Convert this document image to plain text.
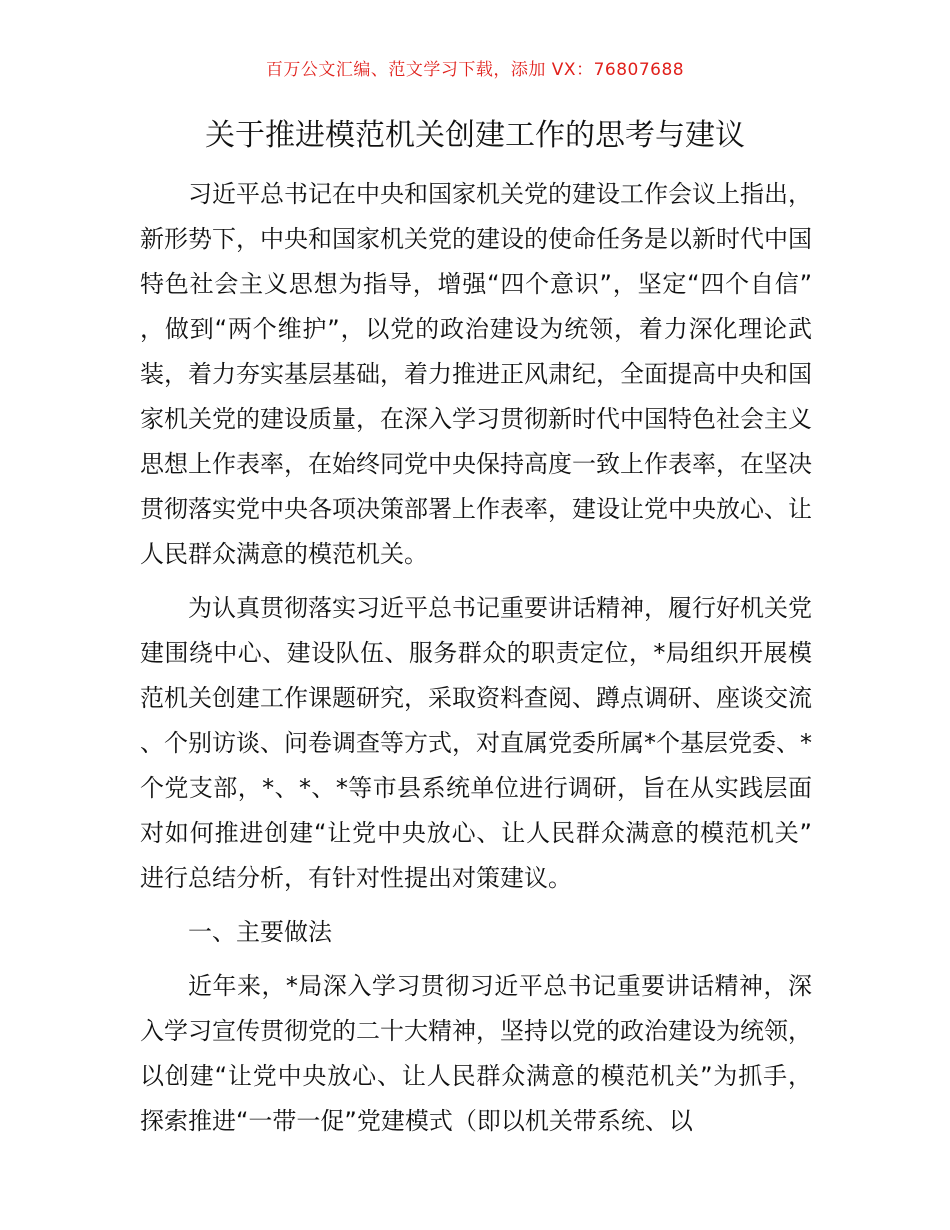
百万公文汇编、范文学习下载，添加 VX：76807688
关于推进模范机关创建工作的思考与建议

习近平总书记在中央和国家机关党的建设工作会议上指出，新形势下，中央和国家机关党的建设的使命任务是以新时代中国特色社会主义思想为指导，增强“四个意识”，坚定“四个自信”，做到“两个维护”，以党的政治建设为统领，着力深化理论武装，着力夯实基层基础，着力推进正风肃纪，全面提高中央和国家机关党的建设质量，在深入学习贯彻新时代中国特色社会主义思想上作表率，在始终同党中央保持高度一致上作表率，在坚决贯彻落实党中央各项决策部署上作表率，建设让党中央放心、让人民群众满意的模范机关。

为认真贯彻落实习近平总书记重要讲话精神，履行好机关党建围绕中心、建设队伍、服务群众的职责定位，*局组织开展模范机关创建工作课题研究，采取资料查阅、蹲点调研、座谈交流、个别访谈、问卷调查等方式，对直属党委所属*个基层党委、*个党支部，*、*、*等市县系统单位进行调研，旨在从实践层面对如何推进创建“让党中央放心、让人民群众满意的模范机关”进行总结分析，有针对性提出对策建议。

一、主要做法

近年来，*局深入学习贯彻习近平总书记重要讲话精神，深入学习宣传贯彻党的二十大精神，坚持以党的政治建设为统领，以创建“让党中央放心、让人民群众满意的模范机关”为抓手，探索推进“一带一促”党建模式（即以机关带系统、以
